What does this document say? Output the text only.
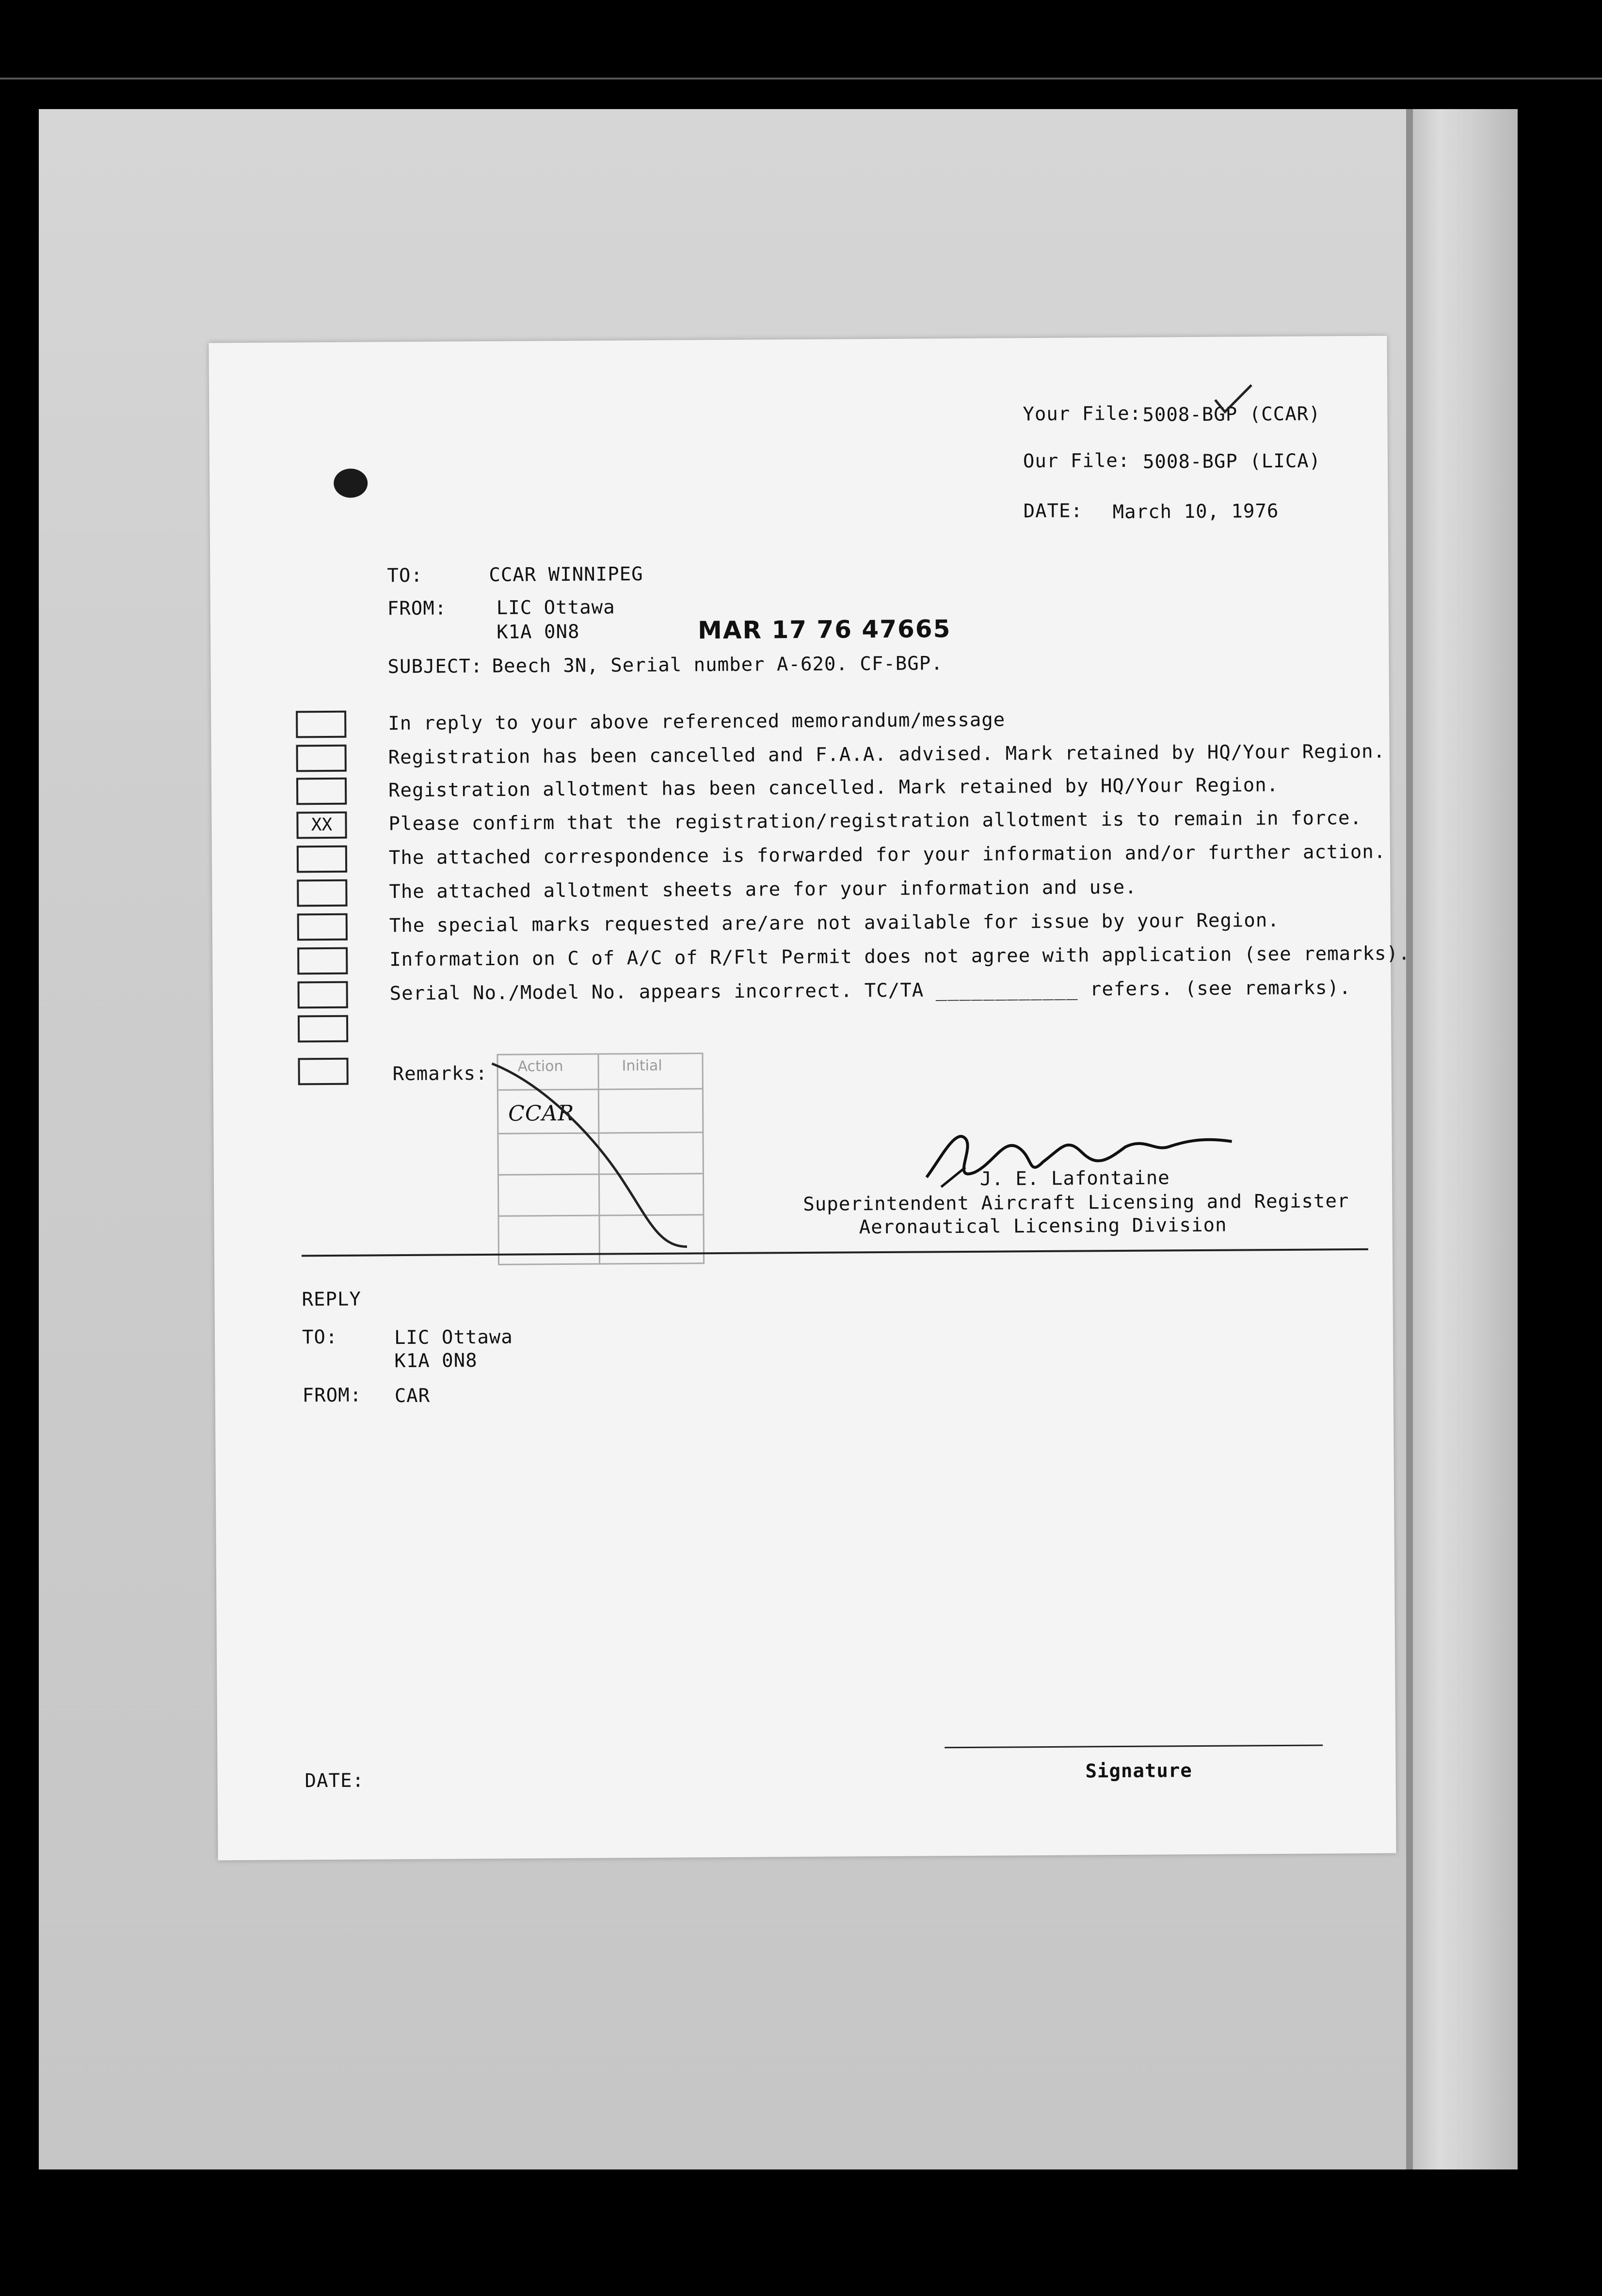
Your File: 5008-BGP (CCAR)
Our File: 5008-BGP (LICA)
DATE: March 10, 1976
TO:	CCAR WINNIPEG
FROM:	LIC Ottawa
K1A 0N8	MAR 17 76 47665
SUBJECT: Beech 3N, Serial number A-620. CF-BGP.
In reply to your above referenced memorandum/message
Registration has been cancelled and F.A.A. advised. Mark retained by HQ/Your Region.
Registration allotment has been cancelled. Mark retained by HQ/Your Region.
XX	Please confirm that the registration/registration allotment is to remain in force.
The attached correspondence is forwarded for your information and/or further action.
The attached allotment sheets are for your information and use.
The special marks requested are/are not available for issue by your Region.
Information on C of A/C of R/Flt Permit does not agree with application (see remarks).
Serial No./Model No. appears incorrect. TC/TA ____________ refers. (see remarks).
Remarks: Action	Initial
CCAR
J. E. Lafontaine
Superintendent Aircraft Licensing and Register
Aeronautical Licensing Division
REPLY
TO:	LIC Ottawa
K1A 0N8
FROM: CAR
DATE:	Signature
